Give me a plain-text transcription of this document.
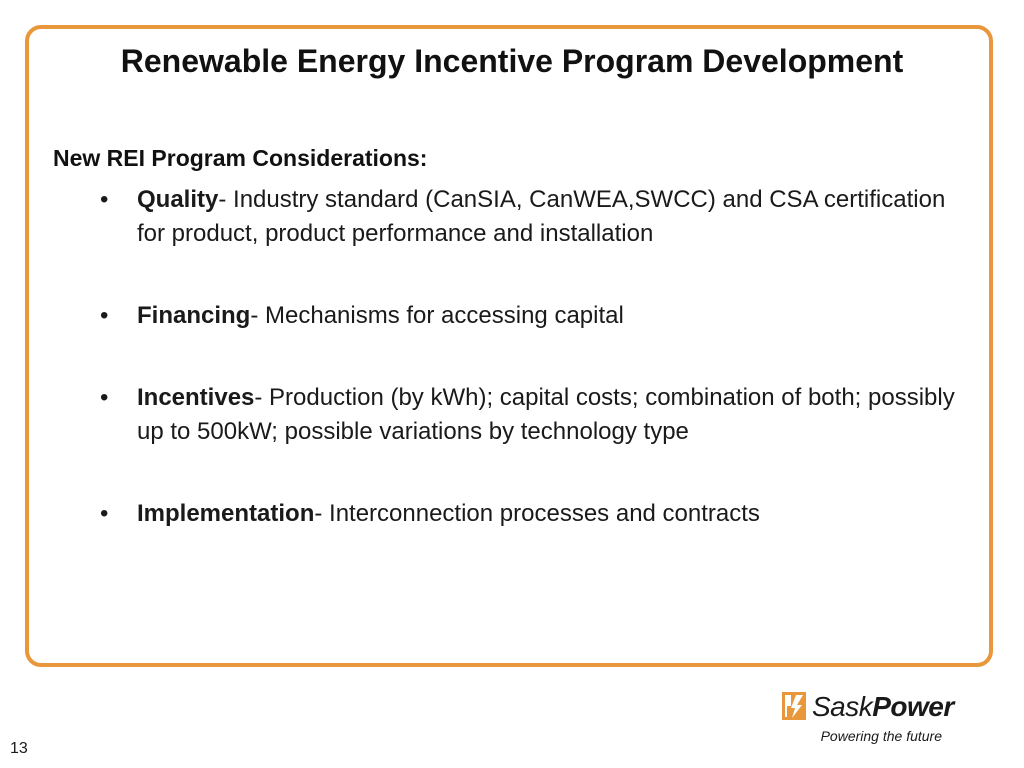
Renewable Energy Incentive Program Development
New REI Program Considerations:
• Quality- Industry standard (CanSIA, CanWEA,SWCC) and CSA certification for product, product performance and installation
• Financing- Mechanisms for accessing capital
• Incentives- Production (by kWh); capital costs; combination of both; possibly up to 500kW; possible variations by technology type
• Implementation- Interconnection processes and contracts
SaskPower
Powering the future
13
